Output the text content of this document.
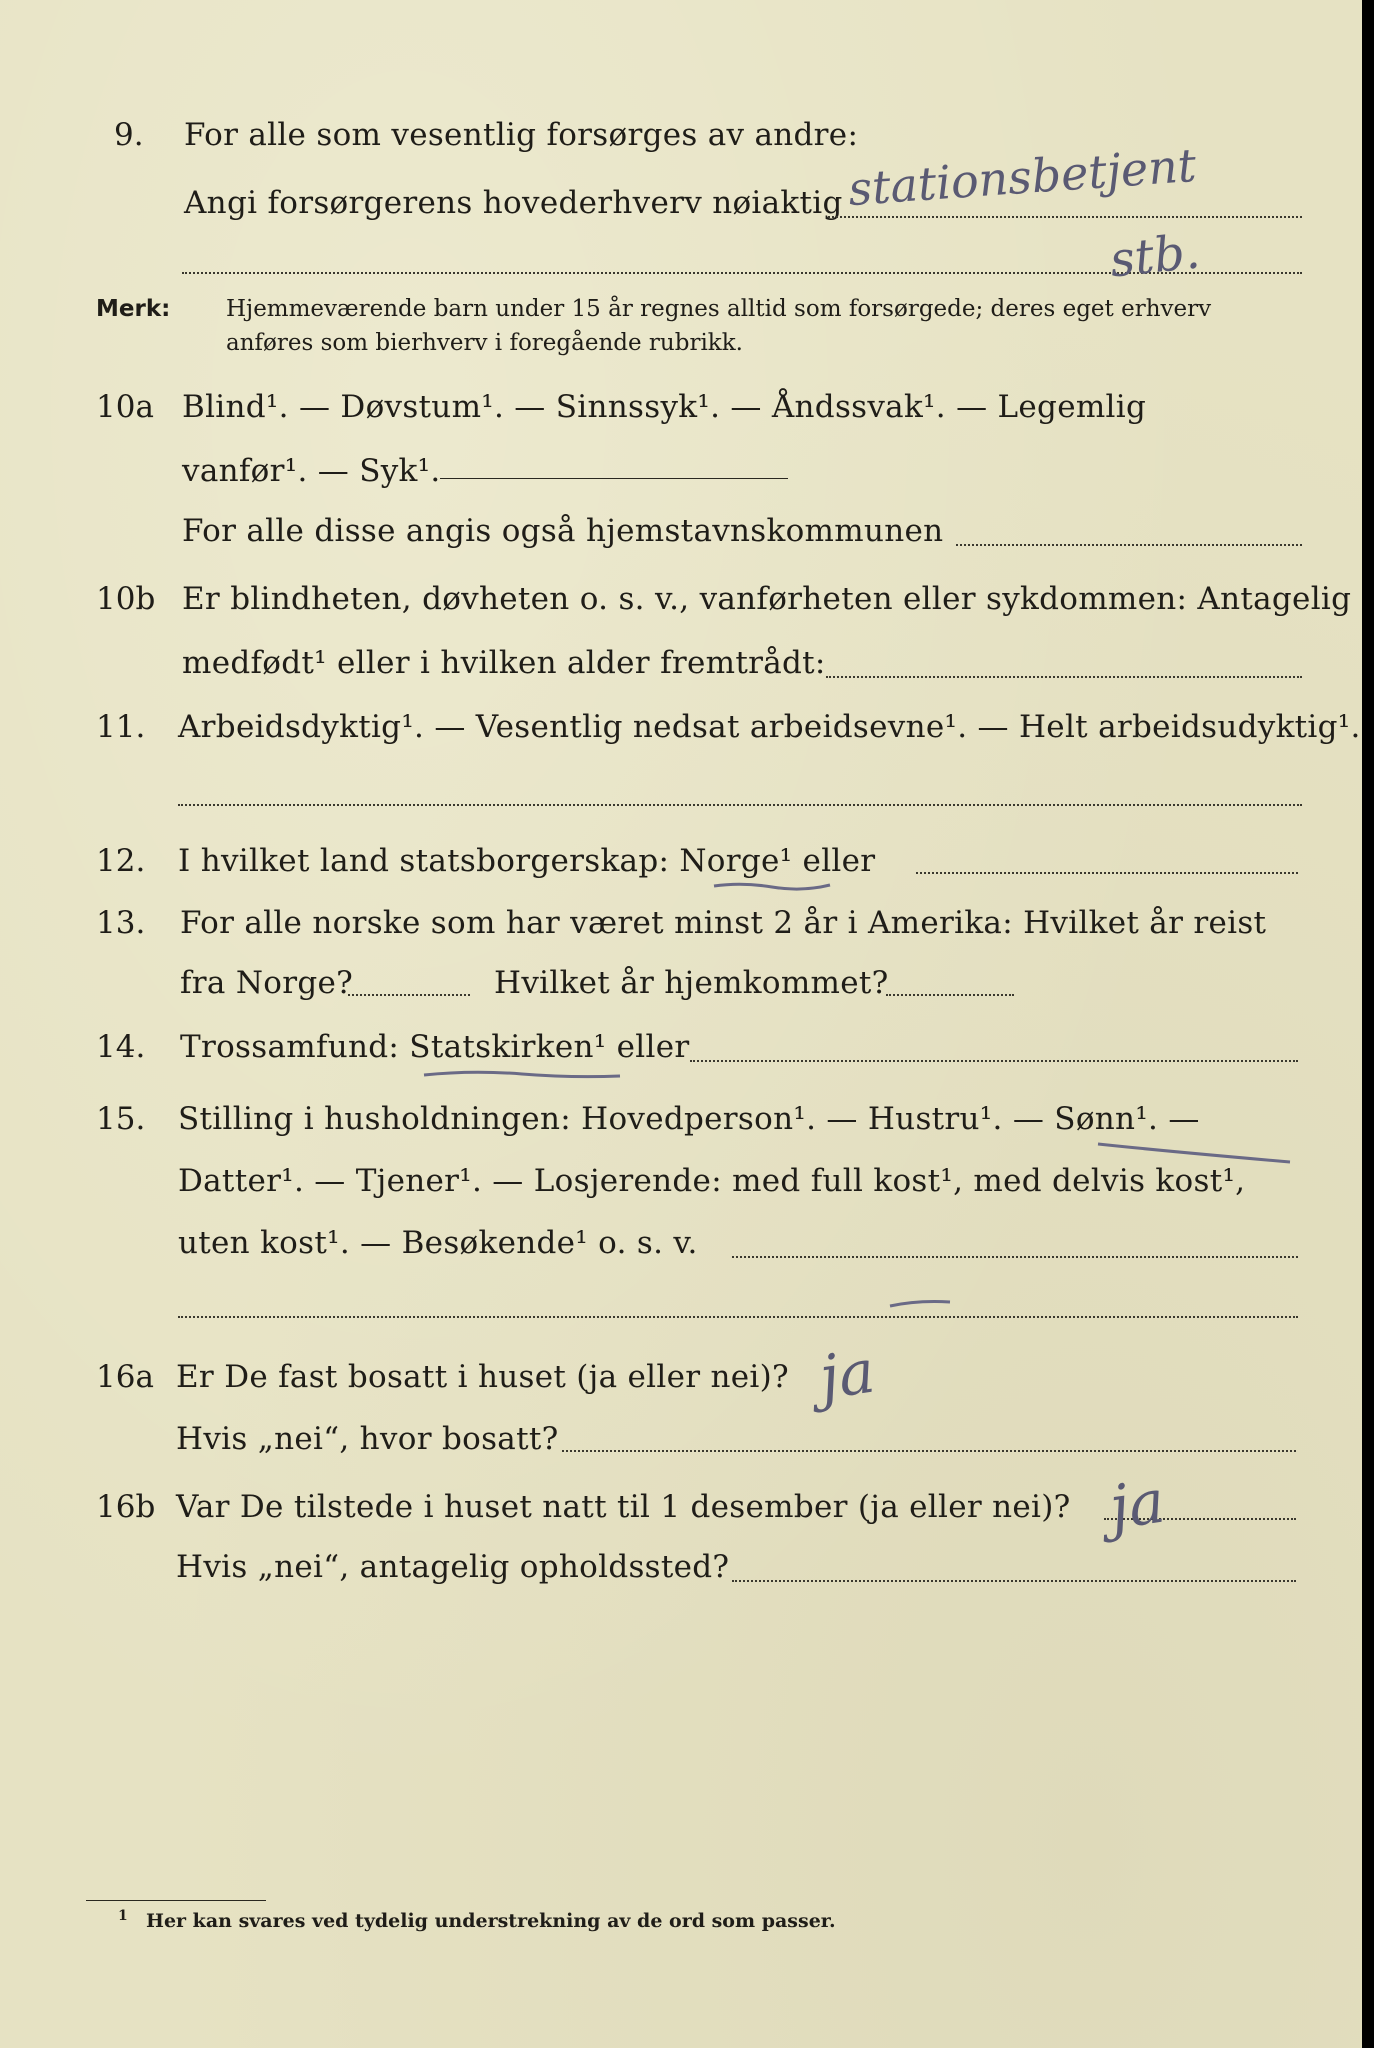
9. For alle som vesentlig forsørges av andre:
Angi forsørgerens hovederhverv nøiaktig stationsbetjent
stb.
Merk: Hjemmeværende barn under 15 år regnes alltid som forsørgede; deres eget erhverv
anføres som bierhverv i foregående rubrikk.
10a Blind¹. — Døvstum¹. — Sinnssyk¹. — Åndssvak¹. — Legemlig
vanfør¹. — Syk¹.
For alle disse angis også hjemstavnskommunen
10b Er blindheten, døvheten o. s. v., vanførheten eller sykdommen: Antagelig
medfødt¹ eller i hvilken alder fremtrådt:
11. Arbeidsdyktig¹. — Vesentlig nedsat arbeidsevne¹. — Helt arbeidsudyktig¹.
12. I hvilket land statsborgerskap: Norge¹ eller
13. For alle norske som har været minst 2 år i Amerika: Hvilket år reist
fra Norge?	Hvilket år hjemkommet?
14. Trossamfund: Statskirken¹ eller
15. Stilling i husholdningen: Hovedperson¹. — Hustru¹. — Sønn¹. —
Datter¹. — Tjener¹. — Losjerende: med full kost¹, med delvis kost¹,
uten kost¹. — Besøkende¹ o. s. v.
16a Er De fast bosatt i huset (ja eller nei)? ja
Hvis „nei“, hvor bosatt?
16b Var De tilstede i huset natt til 1 desember (ja eller nei)? ja
Hvis „nei“, antagelig opholdssted?
1 Her kan svares ved tydelig understrekning av de ord som passer.
